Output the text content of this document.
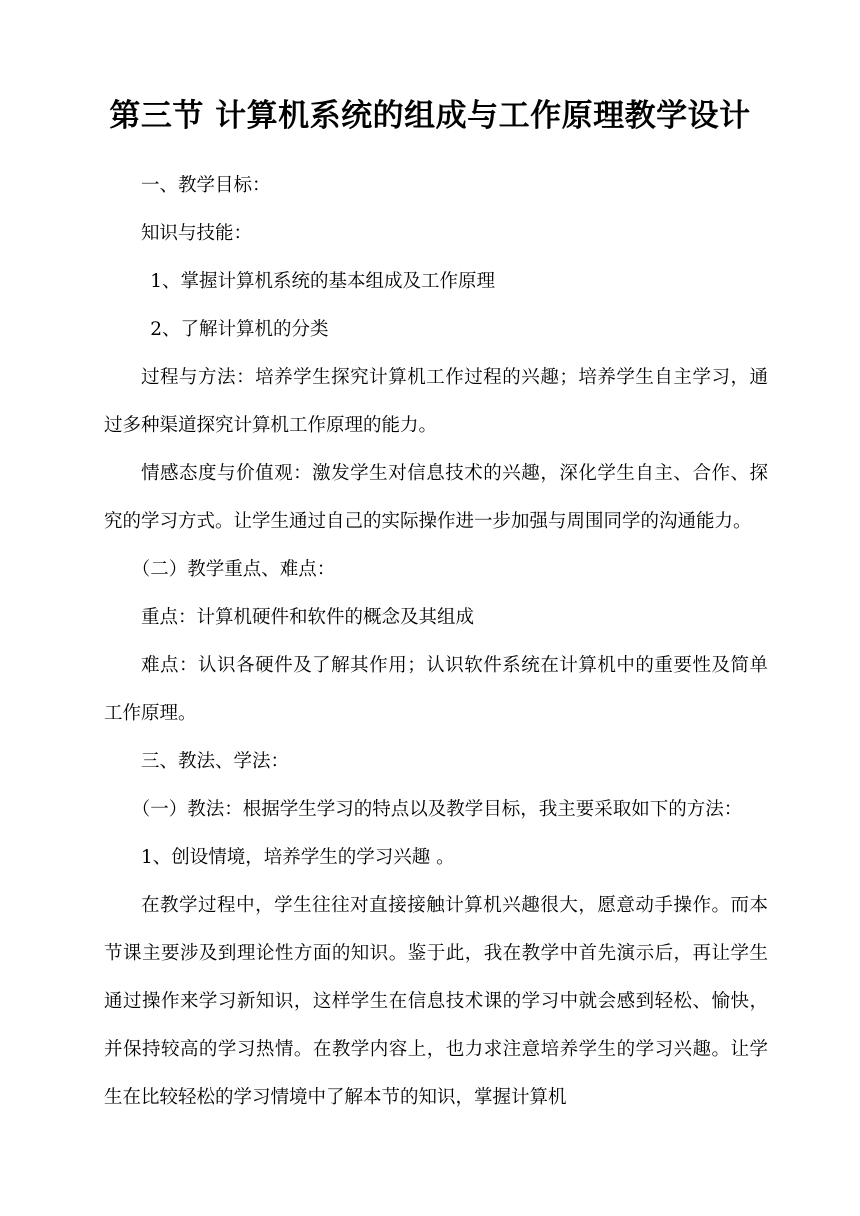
第三节 计算机系统的组成与工作原理教学设计

一、教学目标：

知识与技能：

1、掌握计算机系统的基本组成及工作原理

2、了解计算机的分类

过程与方法：培养学生探究计算机工作过程的兴趣；培养学生自主学习，通过多种渠道探究计算机工作原理的能力。

情感态度与价值观：激发学生对信息技术的兴趣，深化学生自主、合作、探究的学习方式。让学生通过自己的实际操作进一步加强与周围同学的沟通能力。

（二）教学重点、难点：

重点：计算机硬件和软件的概念及其组成

难点：认识各硬件及了解其作用；认识软件系统在计算机中的重要性及简单工作原理。

三、教法、学法：

（一）教法：根据学生学习的特点以及教学目标，我主要采取如下的方法：

1、创设情境，培养学生的学习兴趣 。

在教学过程中，学生往往对直接接触计算机兴趣很大，愿意动手操作。而本节课主要涉及到理论性方面的知识。鉴于此，我在教学中首先演示后，再让学生通过操作来学习新知识，这样学生在信息技术课的学习中就会感到轻松、愉快，并保持较高的学习热情。在教学内容上，也力求注意培养学生的学习兴趣。让学生在比较轻松的学习情境中了解本节的知识，掌握计算机
